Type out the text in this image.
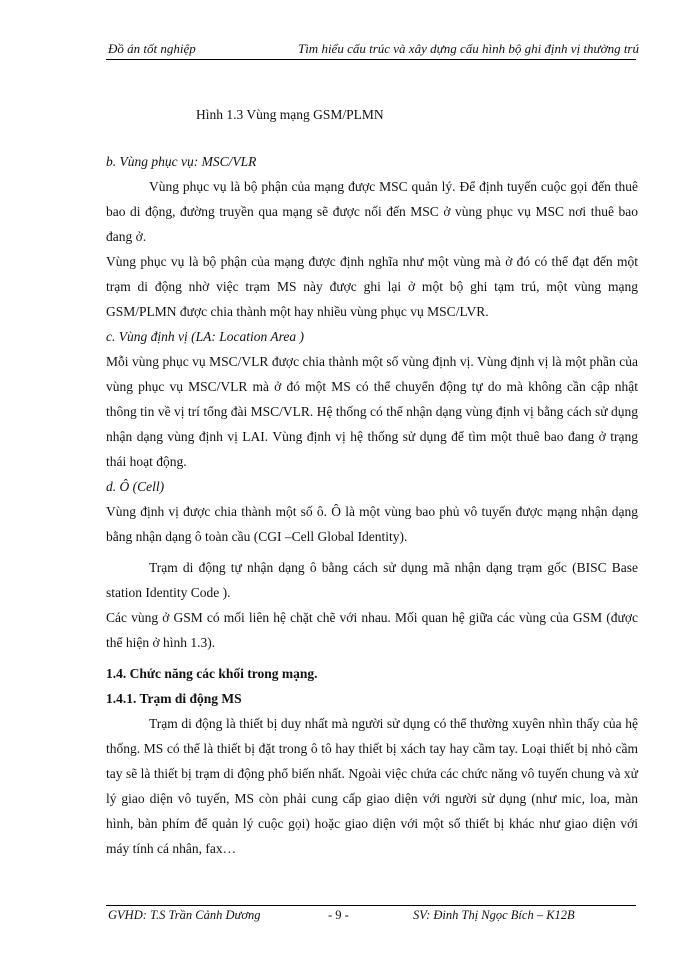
Đồ án tốt nghiệp	Tìm hiểu cấu trúc và xây dựng cấu hình bộ ghi định vị thường trú
Hình 1.3 Vùng mạng GSM/PLMN

b. Vùng phục vụ: MSC/VLR

Vùng phục vụ là bộ phận của mạng được MSC quản lý. Để định tuyến cuộc gọi đến thuê bao di động, đường truyền qua mạng sẽ được nối đến MSC ở vùng phục vụ MSC nơi thuê bao đang ở.

Vùng phục vụ là bộ phận của mạng được định nghĩa như một vùng mà ở đó có thể đạt đến một trạm di động nhờ việc trạm MS này được ghi lại ở một bộ ghi tạm trú, một vùng mạng GSM/PLMN được chia thành một hay nhiều vùng phục vụ MSC/LVR.

c. Vùng định vị (LA: Location Area )

Mỗi vùng phục vụ MSC/VLR được chia thành một số vùng định vị. Vùng định vị là một phần của vùng phục vụ MSC/VLR mà ở đó một MS có thể chuyển động tự do mà không cần cập nhật thông tin về vị trí tổng đài MSC/VLR. Hệ thống có thể nhận dạng vùng định vị bằng cách sử dụng nhận dạng vùng định vị LAI. Vùng định vị hệ thống sử dụng để tìm một thuê bao đang ở trạng thái hoạt động.

d. Ô (Cell)

Vùng định vị được chia thành một số ô. Ô là một vùng bao phủ vô tuyến được mạng nhận dạng bằng nhận dạng ô toàn cầu (CGI –Cell Global Identity).

Trạm di động tự nhận dạng ô bằng cách sử dụng mã nhận dạng trạm gốc (BISC Base station Identity Code ).

Các vùng ở GSM có mối liên hệ chặt chẽ với nhau. Mối quan hệ giữa các vùng của GSM (được thể hiện ở hình 1.3).

1.4. Chức năng các khối trong mạng.

1.4.1. Trạm di động MS

Trạm di động là thiết bị duy nhất mà người sử dụng có thể thường xuyên nhìn thấy của hệ thống. MS có thể là thiết bị đặt trong ô tô hay thiết bị xách tay hay cầm tay. Loại thiết bị nhỏ cầm tay sẽ là thiết bị trạm di động phổ biến nhất. Ngoài việc chứa các chức năng vô tuyến chung và xử lý giao diện vô tuyến, MS còn phải cung cấp giao diện với người sử dụng (như mic, loa, màn hình, bàn phím để quản lý cuộc gọi) hoặc giao diện với một số thiết bị khác như giao diện với máy tính cá nhân, fax…

GVHD: T.S Trần Cảnh Dương	- 9 -	SV: Đinh Thị Ngọc Bích – K12B
